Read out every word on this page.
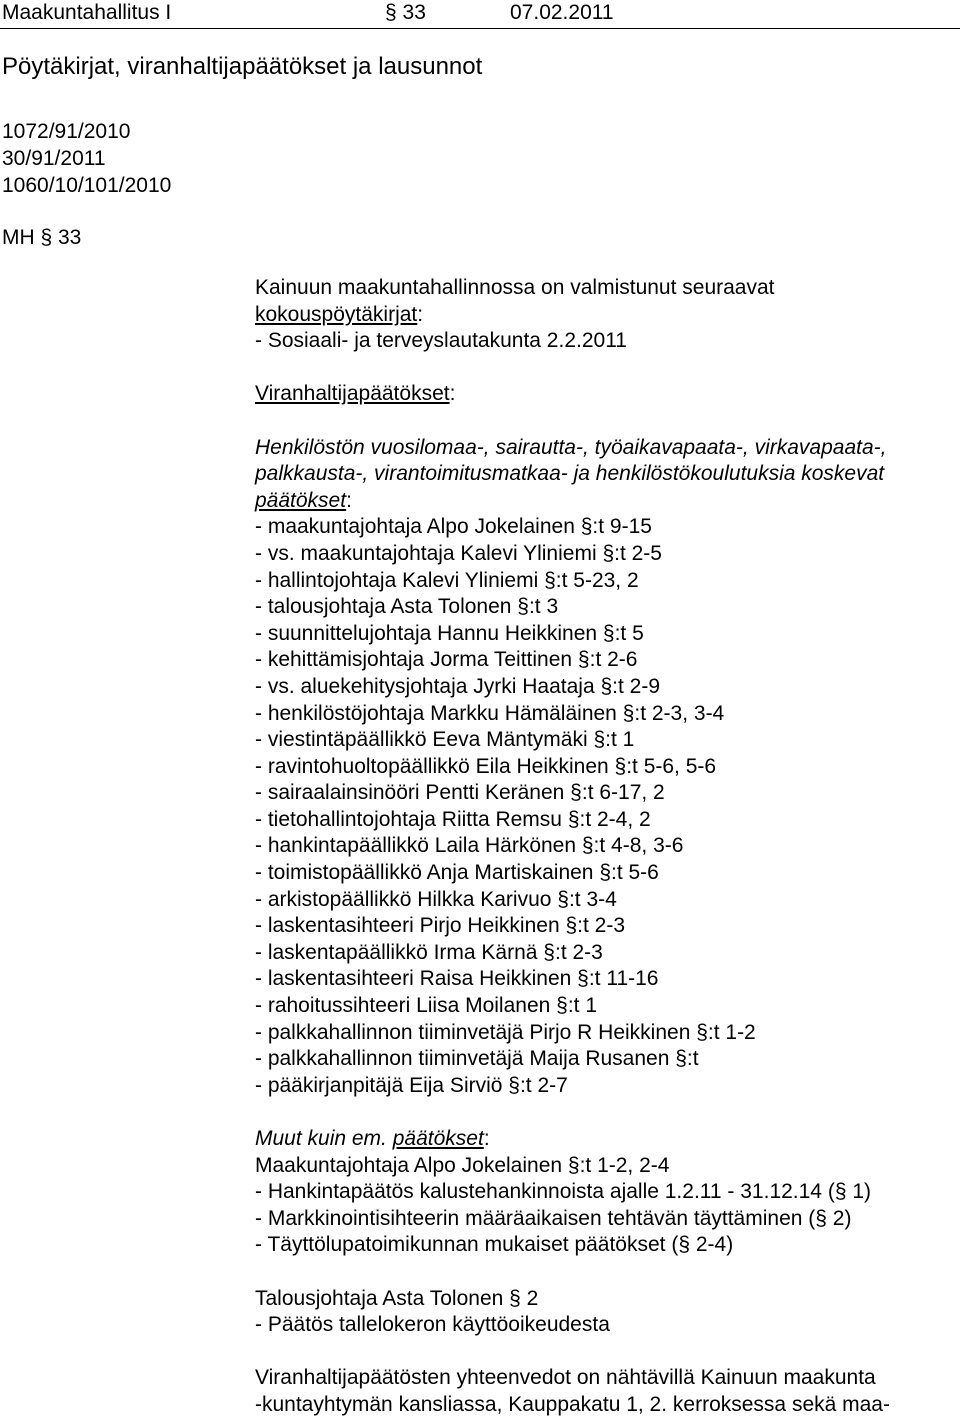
Maakuntahallitus I	§ 33	07.02.2011
Pöytäkirjat, viranhaltijapäätökset ja lausunnot
1072/91/2010
30/91/2011
1060/10/101/2010
MH § 33
Kainuun maakuntahallinnossa on valmistunut seuraavat
kokouspöytäkirjat:
- Sosiaali- ja terveyslautakunta 2.2.2011
Viranhaltijapäätökset:
Henkilöstön vuosilomaa-, sairautta-, työaikavapaata-, virkavapaata-,
palkkausta-, virantoimitusmatkaa- ja henkilöstökoulutuksia koskevat
päätökset:
- maakuntajohtaja Alpo Jokelainen §:t 9-15
- vs. maakuntajohtaja Kalevi Yliniemi §:t 2-5
- hallintojohtaja Kalevi Yliniemi §:t 5-23, 2
- talousjohtaja Asta Tolonen §:t 3
- suunnittelujohtaja Hannu Heikkinen §:t 5
- kehittämisjohtaja Jorma Teittinen §:t 2-6
- vs. aluekehitysjohtaja Jyrki Haataja §:t 2-9
- henkilöstöjohtaja Markku Hämäläinen §:t 2-3, 3-4
- viestintäpäällikkö Eeva Mäntymäki §:t 1
- ravintohuoltopäällikkö Eila Heikkinen §:t 5-6, 5-6
- sairaalainsinööri Pentti Keränen §:t 6-17, 2
- tietohallintojohtaja Riitta Remsu §:t 2-4, 2
- hankintapäällikkö Laila Härkönen §:t 4-8, 3-6
- toimistopäällikkö Anja Martiskainen §:t 5-6
- arkistopäällikkö Hilkka Karivuo §:t 3-4
- laskentasihteeri Pirjo Heikkinen §:t 2-3
- laskentapäällikkö Irma Kärnä §:t 2-3
- laskentasihteeri Raisa Heikkinen §:t 11-16
- rahoitussihteeri Liisa Moilanen §:t 1
- palkkahallinnon tiiminvetäjä Pirjo R Heikkinen §:t 1-2
- palkkahallinnon tiiminvetäjä Maija Rusanen §:t
- pääkirjanpitäjä Eija Sirviö §:t 2-7
Muut kuin em. päätökset:
Maakuntajohtaja Alpo Jokelainen §:t 1-2, 2-4
- Hankintapäätös kalustehankinnoista ajalle 1.2.11 - 31.12.14 (§ 1)
- Markkinointisihteerin määräaikaisen tehtävän täyttäminen (§ 2)
- Täyttölupatoimikunnan mukaiset päätökset (§ 2-4)
Talousjohtaja Asta Tolonen § 2
- Päätös tallelokeron käyttöoikeudesta
Viranhaltijapäätösten yhteenvedot on nähtävillä Kainuun maakunta
-kuntayhtymän kansliassa, Kauppakatu 1, 2. kerroksessa sekä maa-
